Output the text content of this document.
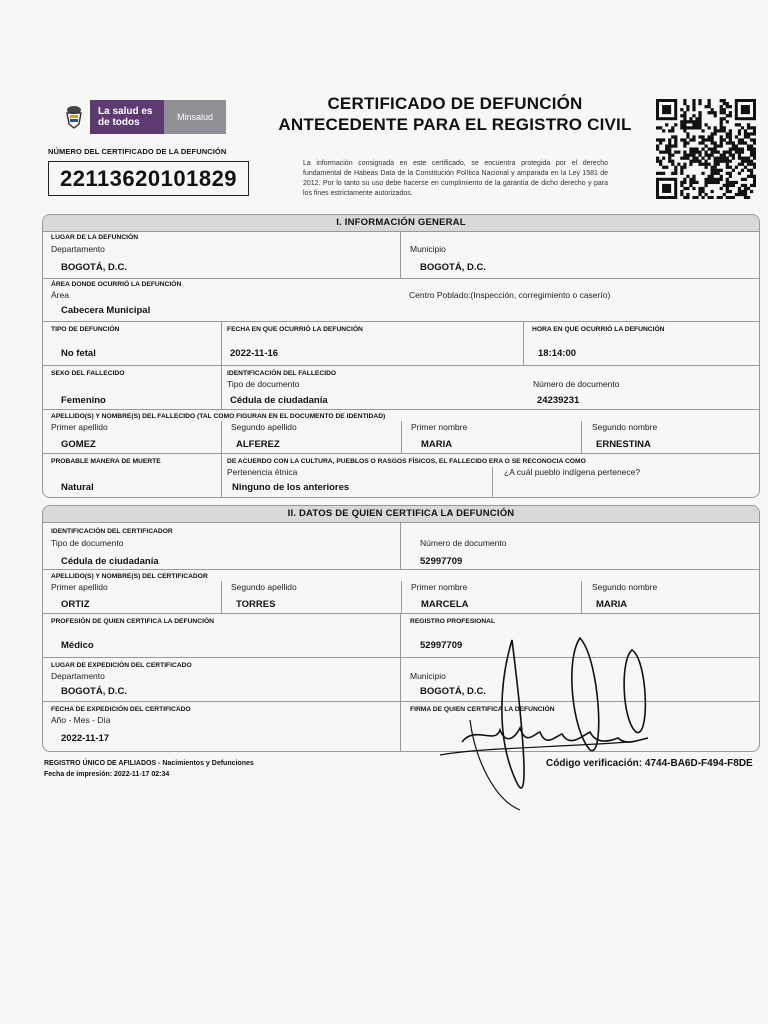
La salud es de todos	Minsalud
NÚMERO DEL CERTIFICADO DE LA DEFUNCIÓN
22113620101829
CERTIFICADO DE DEFUNCIÓN
ANTECEDENTE PARA EL REGISTRO CIVIL
La información consignada en este certificado, se encuentra protegida por el derecho fundamental de Habeas Data de la Constitución Política Nacional y amparada en la Ley 1581 de 2012. Por lo tanto su uso debe hacerse en cumplimiento de la garantía de dicho derecho y para los fines estrictamente autorizados.
I. INFORMACIÓN GENERAL
LUGAR DE LA DEFUNCIÓN
Departamento
BOGOTÁ, D.C.
Municipio
BOGOTÁ, D.C.
ÁREA DONDE OCURRIÓ LA DEFUNCIÓN
Área
Cabecera Municipal
Centro Poblado:(Inspección, corregimiento o caserío)
TIPO DE DEFUNCIÓN
No fetal
FECHA EN QUE OCURRIÓ LA DEFUNCIÓN
2022-11-16
HORA EN QUE OCURRIÓ LA DEFUNCIÓN
18:14:00
SEXO DEL FALLECIDO
Femenino
IDENTIFICACIÓN DEL FALLECIDO
Tipo de documento
Cédula de ciudadanía
Número de documento
24239231
APELLIDO(S) Y NOMBRE(S) DEL FALLECIDO (TAL COMO FIGURAN EN EL DOCUMENTO DE IDENTIDAD)
Primer apellido
GOMEZ
Segundo apellido
ALFEREZ
Primer nombre
MARIA
Segundo nombre
ERNESTINA
PROBABLE MANERA DE MUERTE
Natural
DE ACUERDO CON LA CULTURA, PUEBLOS O RASGOS FÍSICOS, EL FALLECIDO ERA O SE RECONOCIA COMO
Pertenencia étnica
Ninguno de los anteriores
¿A cuál pueblo indígena pertenece?
II. DATOS DE QUIEN CERTIFICA LA DEFUNCIÓN
IDENTIFICACIÓN DEL CERTIFICADOR
Tipo de documento
Cédula de ciudadanía
Número de documento
52997709
APELLIDO(S) Y NOMBRE(S) DEL CERTIFICADOR
Primer apellido
ORTIZ
Segundo apellido
TORRES
Primer nombre
MARCELA
Segundo nombre
MARIA
PROFESIÓN DE QUIEN CERTIFICA LA DEFUNCIÓN
Médico
REGISTRO PROFESIONAL
52997709
LUGAR DE EXPEDICIÓN DEL CERTIFICADO
Departamento
BOGOTÁ, D.C.
Municipio
BOGOTÁ, D.C.
FECHA DE EXPEDICIÓN DEL CERTIFICADO
Año - Mes - Día
2022-11-17
FIRMA DE QUIEN CERTIFICA LA DEFUNCIÓN
REGISTRO ÚNICO DE AFILIADOS - Nacimientos y Defunciones
Fecha de impresión: 2022-11-17 02:34
Código verificación: 4744-BA6D-F494-F8DE
